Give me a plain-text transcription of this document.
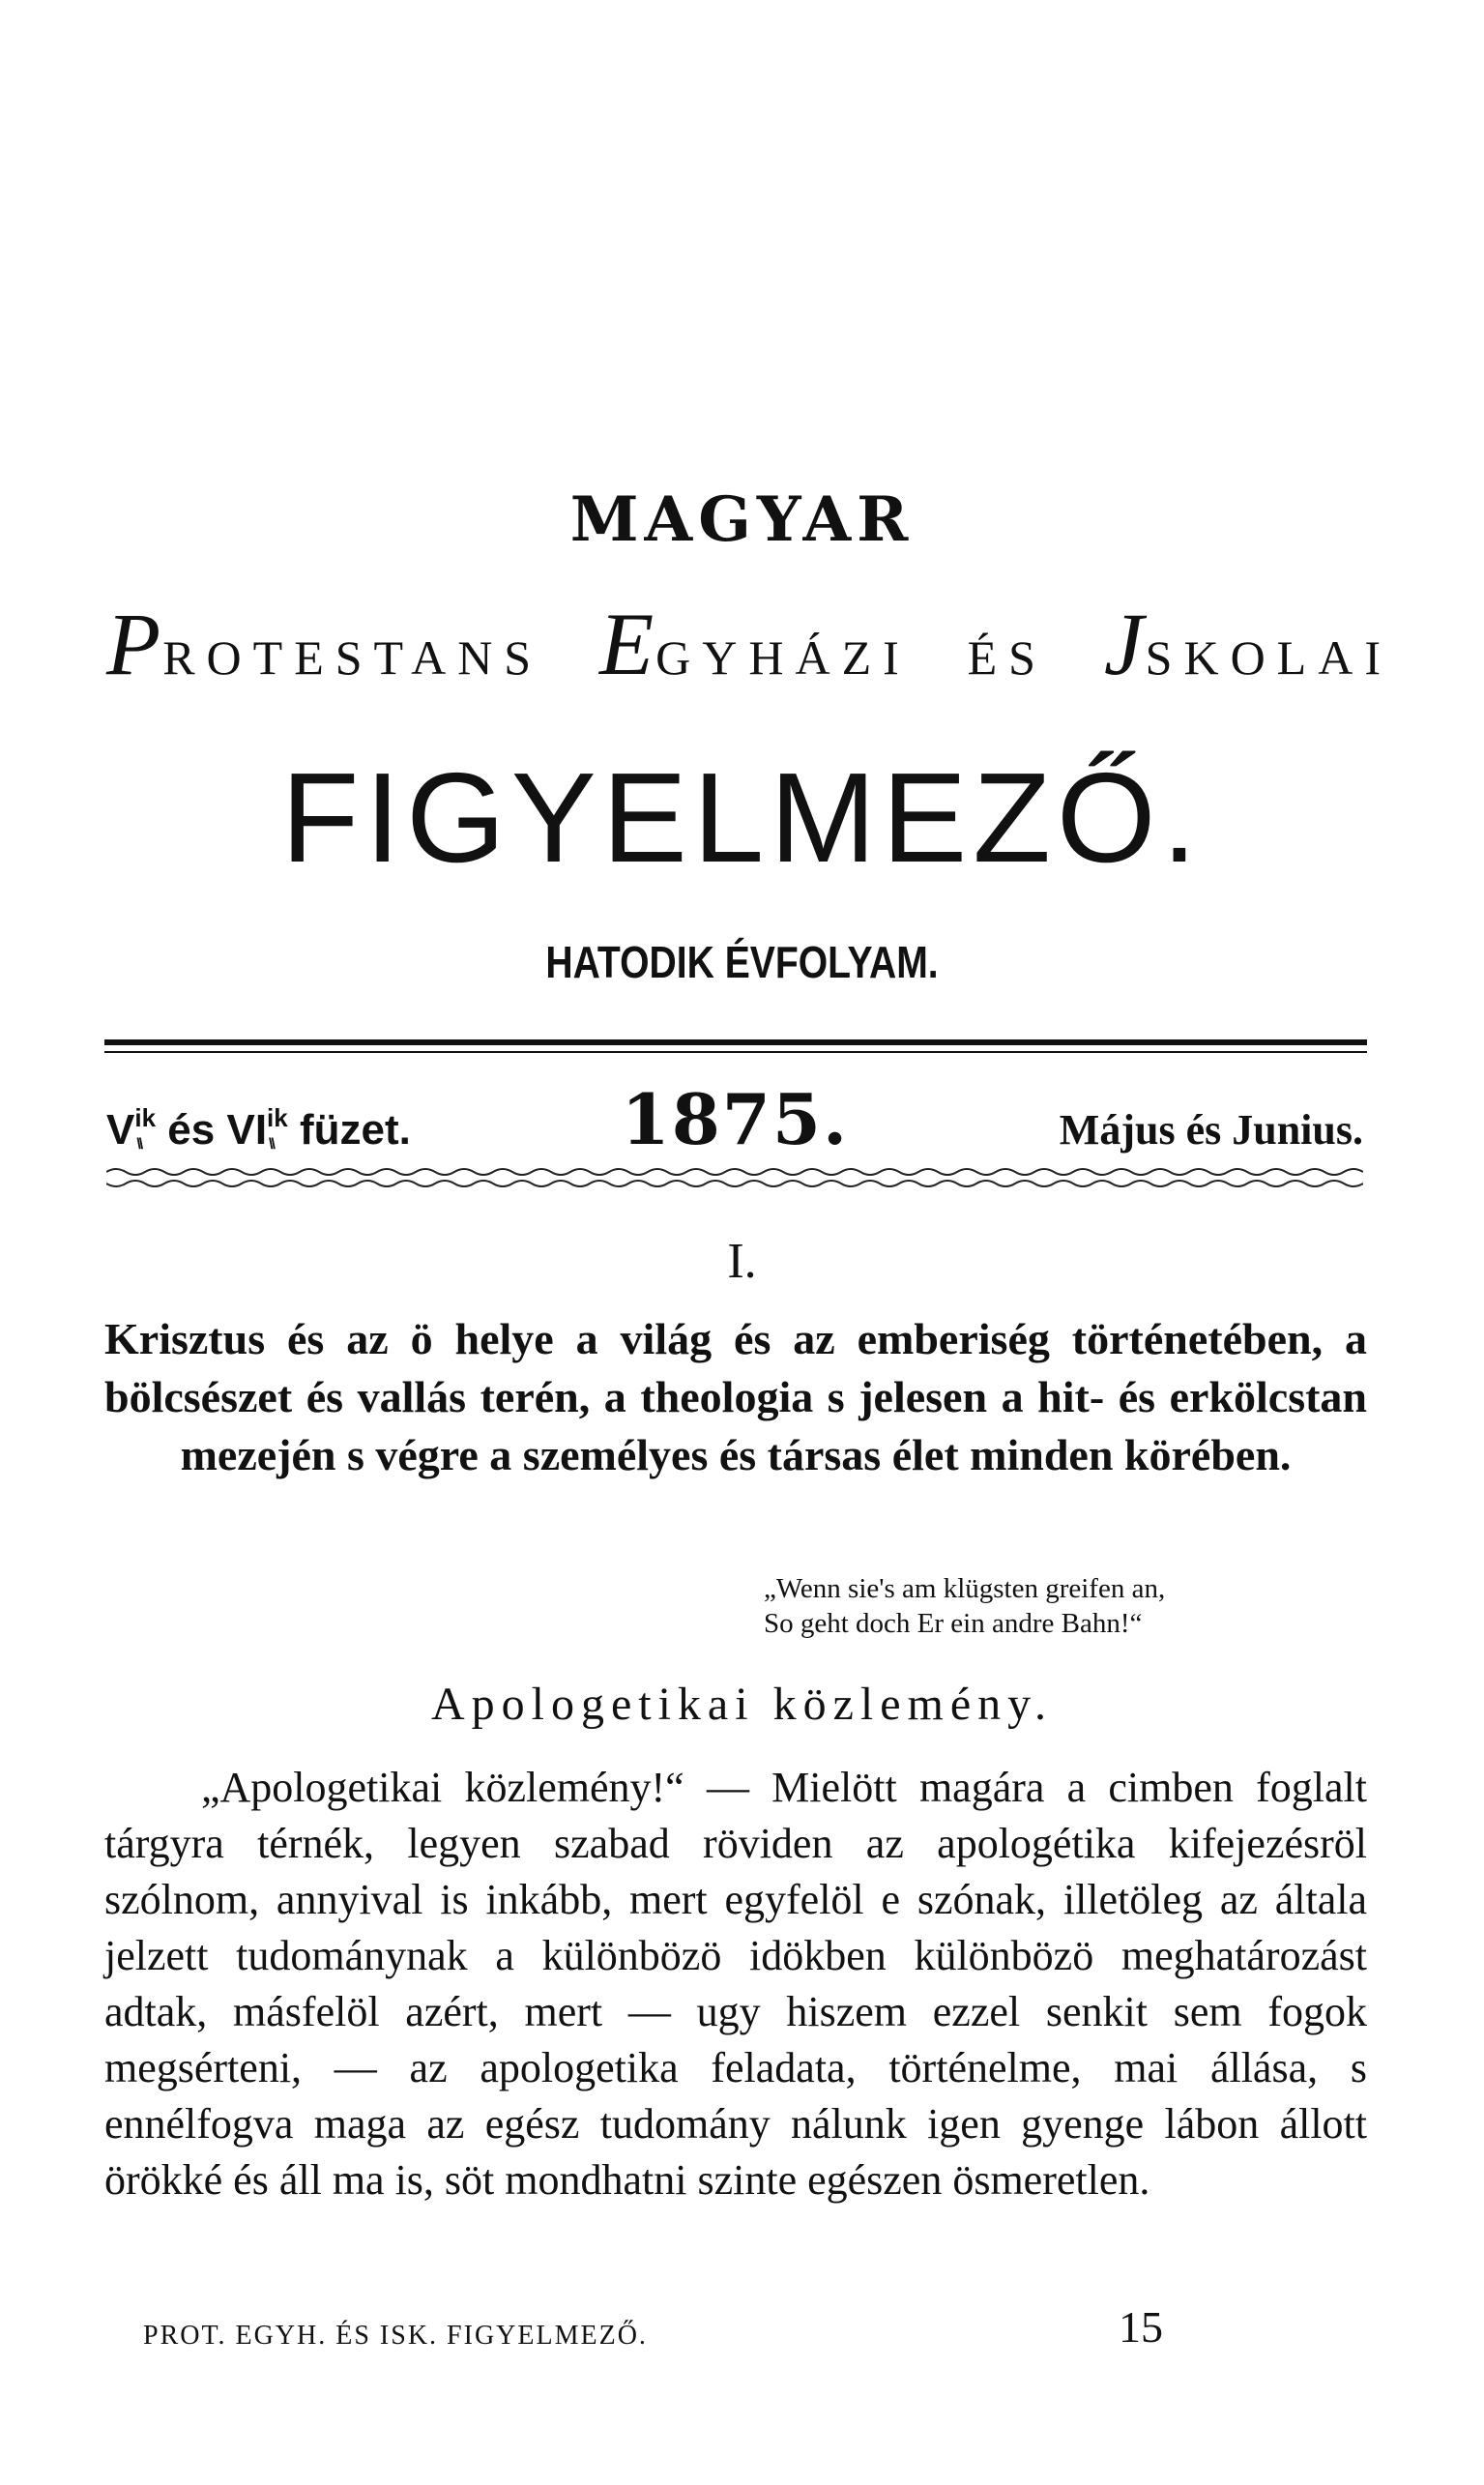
MAGYAR
PROTESTANS EGYHÁZI ÉS JSKOLAI
FIGYELMEZŐ.
HATODIK ÉVFOLYAM.
Vik \\ és VIik \\ füzet.	1875.	Május és Junius.
I.
Krisztus és az ö helye a világ és az emberiség történetében, a bölcsészet és vallás terén, a theologia s jelesen a hit- és erkölcstan mezején s végre a személyes és társas élet minden körében.
„Wenn sie's am klügsten greifen an,
So geht doch Er ein andre Bahn!“
Apologetikai közlemény.

„Apologetikai közlemény!“ — Mielött magára a cimben foglalt tárgyra térnék, legyen szabad röviden az apologétika kifejezésröl szólnom, annyival is inkább, mert egyfelöl e szónak, illetöleg az általa jelzett tudománynak a különbözö idökben különbözö meghatározást adtak, másfelöl azért, mert — ugy hiszem ezzel senkit sem fogok megsérteni, — az apologetika feladata, történelme, mai állása, s ennélfogva maga az egész tudomány nálunk igen gyenge lábon állott örökké és áll ma is, söt mondhatni szinte egészen ösmeretlen.

PROT. EGYH. ÉS ISK. FIGYELMEZŐ.	15
